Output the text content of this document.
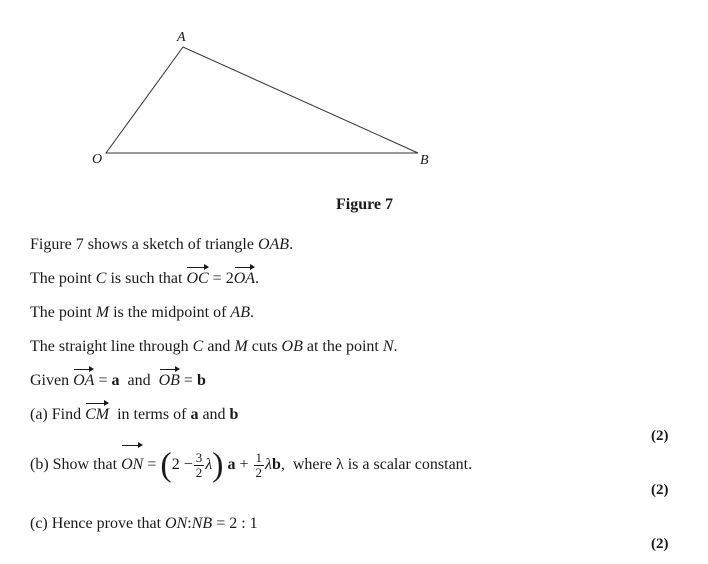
A
O	B
Figure 7
Figure 7 shows a sketch of triangle OAB.
The point C is such that OC = 2OA.
The point M is the midpoint of AB.
The straight line through C and M cuts OB at the point N.
Given OA = a  and  OB = b
(a) Find CM  in terms of a and b
(2)
(b) Show that ON = $(2 - \frac{3}{2} \lambda)$ $a + \frac{1}{2} \lambda b$,  where λ is a scalar constant.
(2)
(c) Hence prove that ON:NB = 2 : 1
(2)
